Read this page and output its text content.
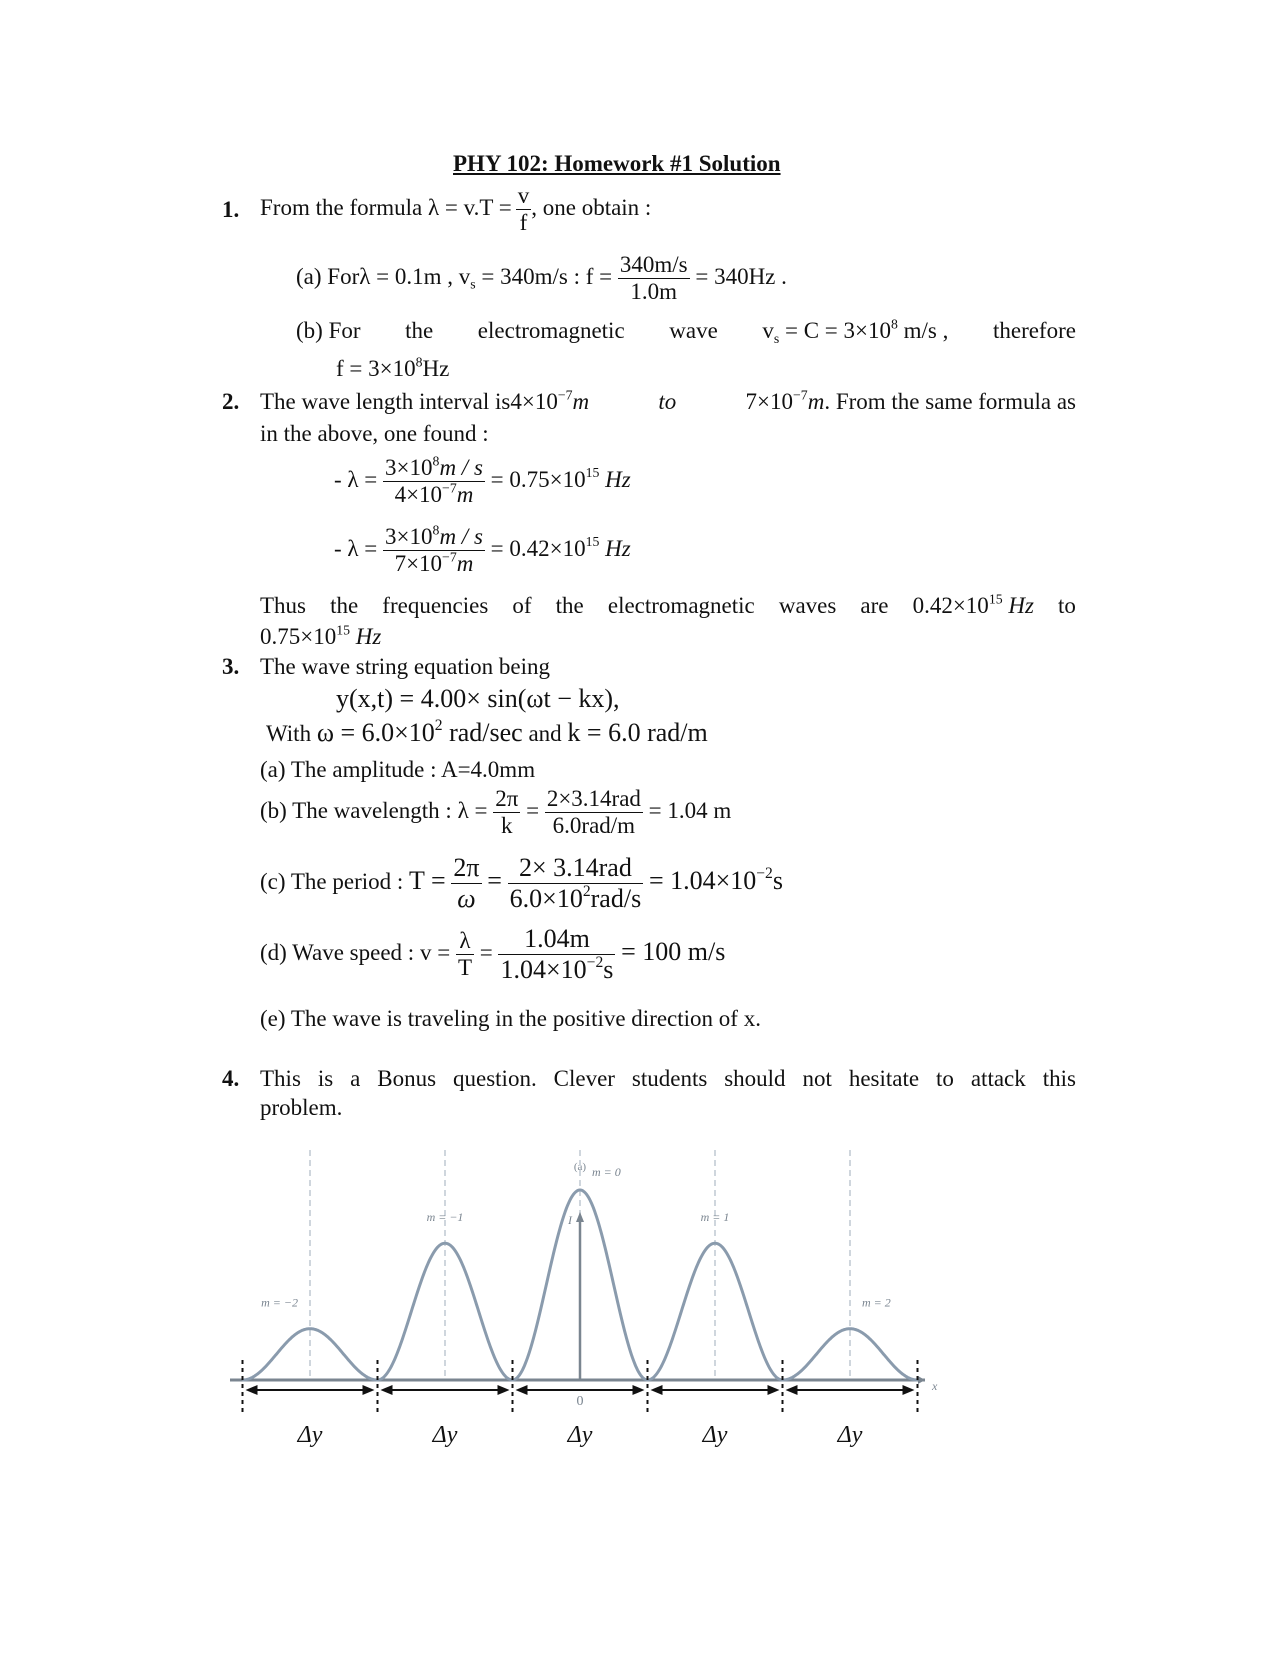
PHY 102: Homework #1 Solution
1. From the formula $\lambda = v.T = \frac{v}{f}$ , one obtain :
(a) Forλ = 0.1m , $v_s = 340m/s$ : $f = \frac{340m/s}{1.0m} = 340Hz$ .
(b) For the electromagnetic wave $v_s = C = 3\times 10^8$ m/s , therefore
$f = 3\times 10^8Hz$
2. The wave length interval $is4\times 10^{-7}m$	to	$7\times 10^{-7}m$. From the same formula as
in the above, one found :
- $\lambda = \frac{3\times 10^8m / s}{4\times 10^{-7}m} = 0.75\times 10^{15}$ Hz
- $\lambda = \frac{3\times 10^8m / s}{7\times 10^{-7}m} = 0.42\times 10^{15}$ Hz
Thus the frequencies of the electromagnetic waves are $0.42\times 10^{15}$ Hz to
$0.75\times 10^{15}$ Hz
3. The wave string equation being
y(x,t) = 4.00× sin(ωt − kx),
With $\omega = 6.0\times 10^2$ rad/sec and k = 6.0 rad/m
(a) The amplitude : A=4.0mm
(b) The wavelength : $\lambda = \frac{2\pi}{k} = \frac{\text{2×3.14rad}}{\text{6.0rad/m}} = 1.04$ m
(c) The period : $T = \frac{2\pi}{\omega} = \frac{\text{2× 3.14rad}}{6.0\times 10^2rad/s} = 1.04\times 10^{-2}s$
(d) Wave speed : $v = \frac{\lambda}{T} = \frac{1.04m}{1.04\times 10^{-2}s} = 100$ m/s
(e) The wave is traveling in the positive direction of x.
4. This is a Bonus question. Clever students should not hesitate to attack this
problem.
(a)
x
I
0
m = −2
m = −1
m = 0
m = 1
m = 2
Δy	Δy	Δy	Δy	Δy
